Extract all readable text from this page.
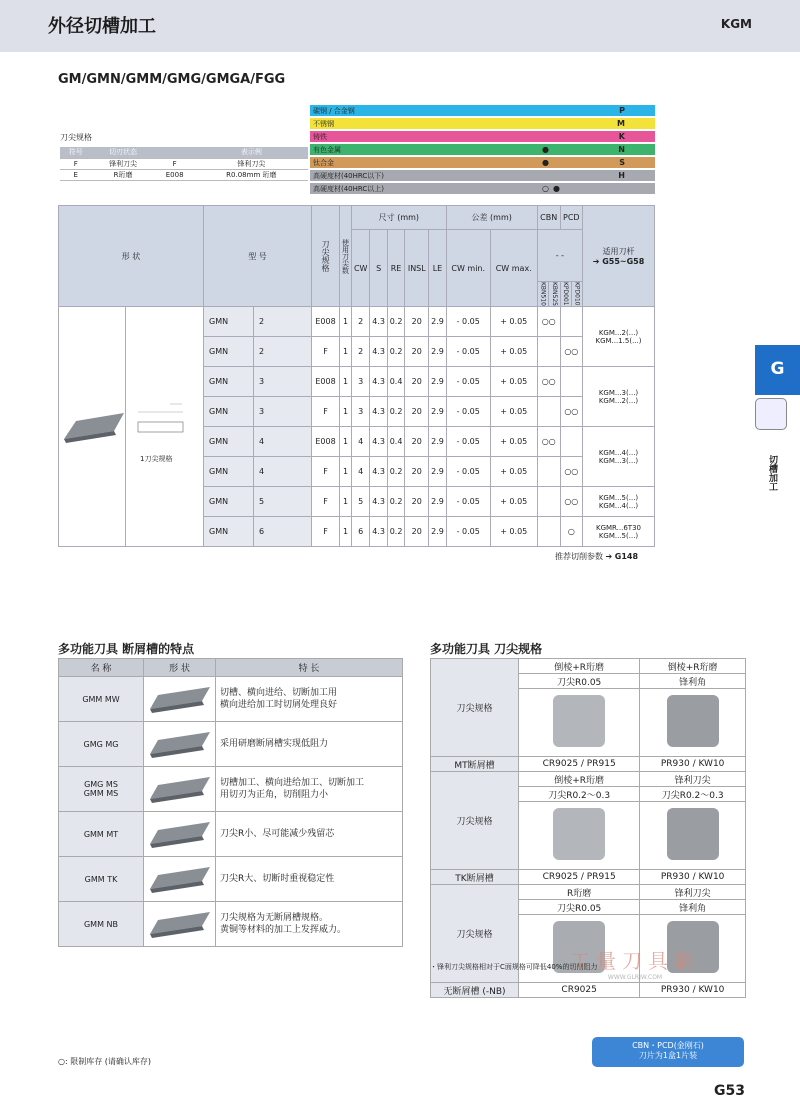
外径切槽加工	KGM
GM/GMN/GMM/GMG/GMGA/FGG
碳钢 / 合金钢	P
不锈钢	M
铸铁	K
有色金属	●	N
钛合金	●	S
高硬度材(40HRC以下)	H
高硬度材(40HRC以上)	○●
刀尖规格
符号	切刃状态		表示例
F	锋利刀尖	F	锋利刀尖
E	R珩磨	E008	R0.08mm 珩磨
形 状		型 号		刀尖规格	使用刀尖数	尺寸 (mm)					公差 (mm)		CBN		PCD		适用刀杆
➔ G55~G58

						CW	S	RE	INSL	LE	CW min.	CW max.	- -				
													KBN510	KBN525	KPD001	KPD010	
		GMN	2	E008	1	2	4.3	0.2	20	2.9	- 0.05	+ 0.05	○○				KGM...2(...)
KGM...1.5(...)
		GMN	2	F	1	2	4.3	0.2	20	2.9	- 0.05	+ 0.05			○○		
		GMN	3	E008	1	3	4.3	0.4	20	2.9	- 0.05	+ 0.05	○○				KGM...3(...)
KGM...2(...)
		GMN	3	F	1	3	4.3	0.2	20	2.9	- 0.05	+ 0.05			○○		
		GMN	4	E008	1	4	4.3	0.4	20	2.9	- 0.05	+ 0.05	○○				KGM...4(...)
KGM...3(...)
		GMN	4	F	1	4	4.3	0.2	20	2.9	- 0.05	+ 0.05			○○		
		GMN	5	F	1	5	4.3	0.2	20	2.9	- 0.05	+ 0.05			○○		KGM...5(...)
KGM...4(...)
		GMN	6	F	1	6	4.3	0.2	20	2.9	- 0.05	+ 0.05			○		KGMR...6T30
KGM...5(...)
1刀尖规格
推荐切削参数 ➔ G148
多功能刀具 断屑槽的特点
名 称	形 状	特 长
GMM MW		切槽、横向进给、切断加工用
横向进给加工时切屑处理良好
GMG MG		采用研磨断屑槽实现低阻力
GMG MS
GMM MS		切槽加工、横向进给加工、切断加工
用切刃为正角，切削阻力小
GMM MT		刀尖R小、尽可能减少残留芯
GMM TK		刀尖R大、切断时重视稳定性
GMM NB		刀尖规格为无断屑槽规格。
黄铜等材料的加工上发挥威力。
多功能刀具 刀尖规格
刀尖规格	倒棱+R珩磨	倒棱+R珩磨
	刀尖R0.05	锋利角

MT断屑槽	CR9025 / PR915	PR930 / KW10
刀尖规格	倒棱+R珩磨	锋利刀尖
	刀尖R0.2～0.3	刀尖R0.2～0.3

TK断屑槽	CR9025 / PR915	PR930 / KW10
刀尖规格	R珩磨	锋利刀尖
	刀尖R0.05	锋利角

无断屑槽 (-NB)	CR9025	PR930 / KW10
・锋利刀尖规格相对于C面规格可降低40%的切削阻力
工量刀具網
WWW.GLRJW.COM
○: 限制库存 (请确认库存)
CBN・PCD(金刚石)
刀片为1盒1片装
G53
G
切槽加工
